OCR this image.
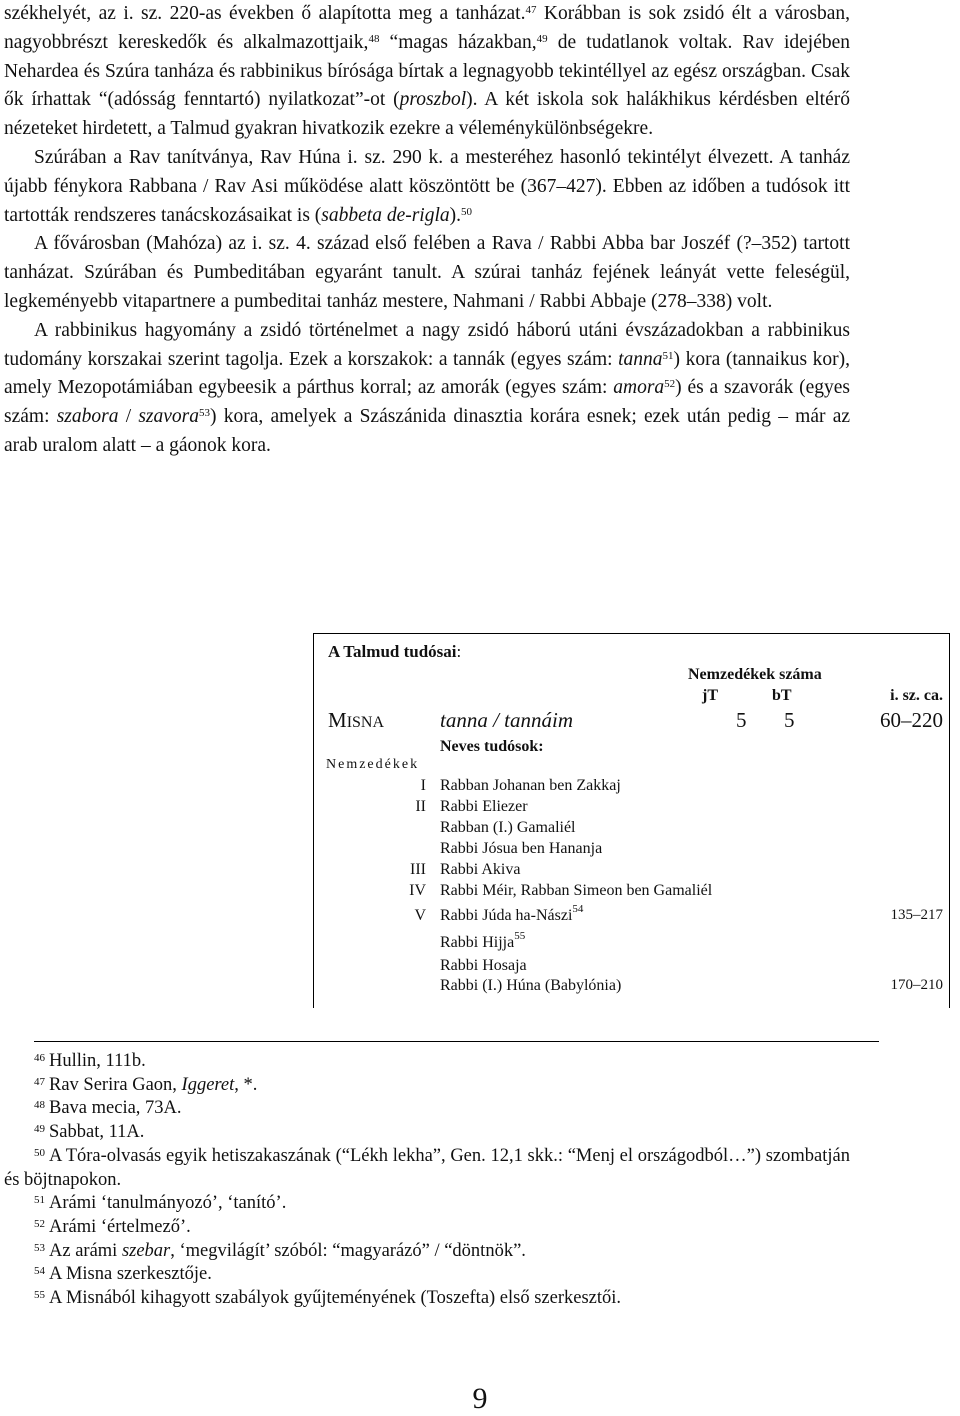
székhelyét, az i. sz. 220-as években ő alapította meg a tanházat.$^{47}$ Korábban is sok zsidó élt a városban, nagyobbrészt kereskedők és alkalmazottjaik,$^{48}$ “magas házakban,$^{49}$ de tudatlanok voltak. Rav idejében Nehardea és Szúra tanháza és rabbinikus bírósága bírtak a legnagyobb tekintéllyel az egész országban. Csak ők írhattak “(adósság fenntartó) nyilatkozat”-ot (proszbol). A két iskola sok halákhikus kérdésben eltérő nézeteket hirdetett, a Talmud gyakran hivatkozik ezekre a véleménykülönbségekre.

Szúrában a Rav tanítványa, Rav Húna i. sz. 290 k. a mesteréhez hasonló tekintélyt élvezett. A tanház újabb fénykora Rabbana / Rav Asi működése alatt köszöntött be (367–427). Ebben az időben a tudósok itt tartották rendszeres tanácskozásaikat is (sabbeta de-rigla).$^{50}$

A fővárosban (Mahóza) az i. sz. 4. század első felében a Rava / Rabbi Abba bar Joszéf (?–352) tartott tanházat. Szúrában és Pumbeditában egyaránt tanult. A szúrai tanház fejének leányát vette feleségül, legkeményebb vitapartnere a pumbeditai tanház mestere, Nahmani / Rabbi Abbaje (278–338) volt.

A rabbinikus hagyomány a zsidó történelmet a nagy zsidó háború utáni évszázadokban a rabbinikus tudomány korszakai szerint tagolja. Ezek a korszakok: a tannák (egyes szám: tanna$^{51}$) kora (tannaikus kor), amely Mezopotámiában egybeesik a párthus korral; az amorák (egyes szám: amora$^{52}$) és a szavorák (egyes szám: szabora / szavora$^{53}$) kora, amelyek a Szászánida dinasztia korára esnek; ezek után pedig – már az arab uralom alatt – a gáonok kora.

A Talmud tudósai:
Nemzedékek száma
jT	bT	i. sz. ca.
MISNA	tanna / tannáim	5 5	60–220
Neves tudósok:
Nemzedékek
I Rabban Johanan ben Zakkaj
II Rabbi Eliezer
Rabban (I.) Gamaliél
Rabbi Jósua ben Hananja
III Rabbi Akiva
IV Rabbi Méir, Rabban Simeon ben Gamaliél
V Rabbi Júda ha-Nászi$^{54}$	135–217
Rabbi Hijja$^{55}$
Rabbi Hosaja
Rabbi (I.) Húna (Babylónia)	170–210

$^{46}$ Hullin, 111b.

$^{47}$ Rav Serira Gaon, Iggeret, *.

$^{48}$ Bava mecia, 73A.

$^{49}$ Sabbat, 11A.

$^{50}$ A Tóra-olvasás egyik hetiszakaszának (“Lékh lekha”, Gen. 12,1 skk.: “Menj el országodból…”) szombatján és böjtnapokon.

$^{51}$ Arámi ‘tanulmányozó’, ‘tanító’.

$^{52}$ Arámi ‘értelmező’.

$^{53}$ Az arámi szebar, ‘megvilágít’ szóból: “magyarázó” / “döntnök”.

$^{54}$ A Misna szerkesztője.

$^{55}$ A Misnából kihagyott szabályok gyűjteményének (Toszefta) első szerkesztői.

9
